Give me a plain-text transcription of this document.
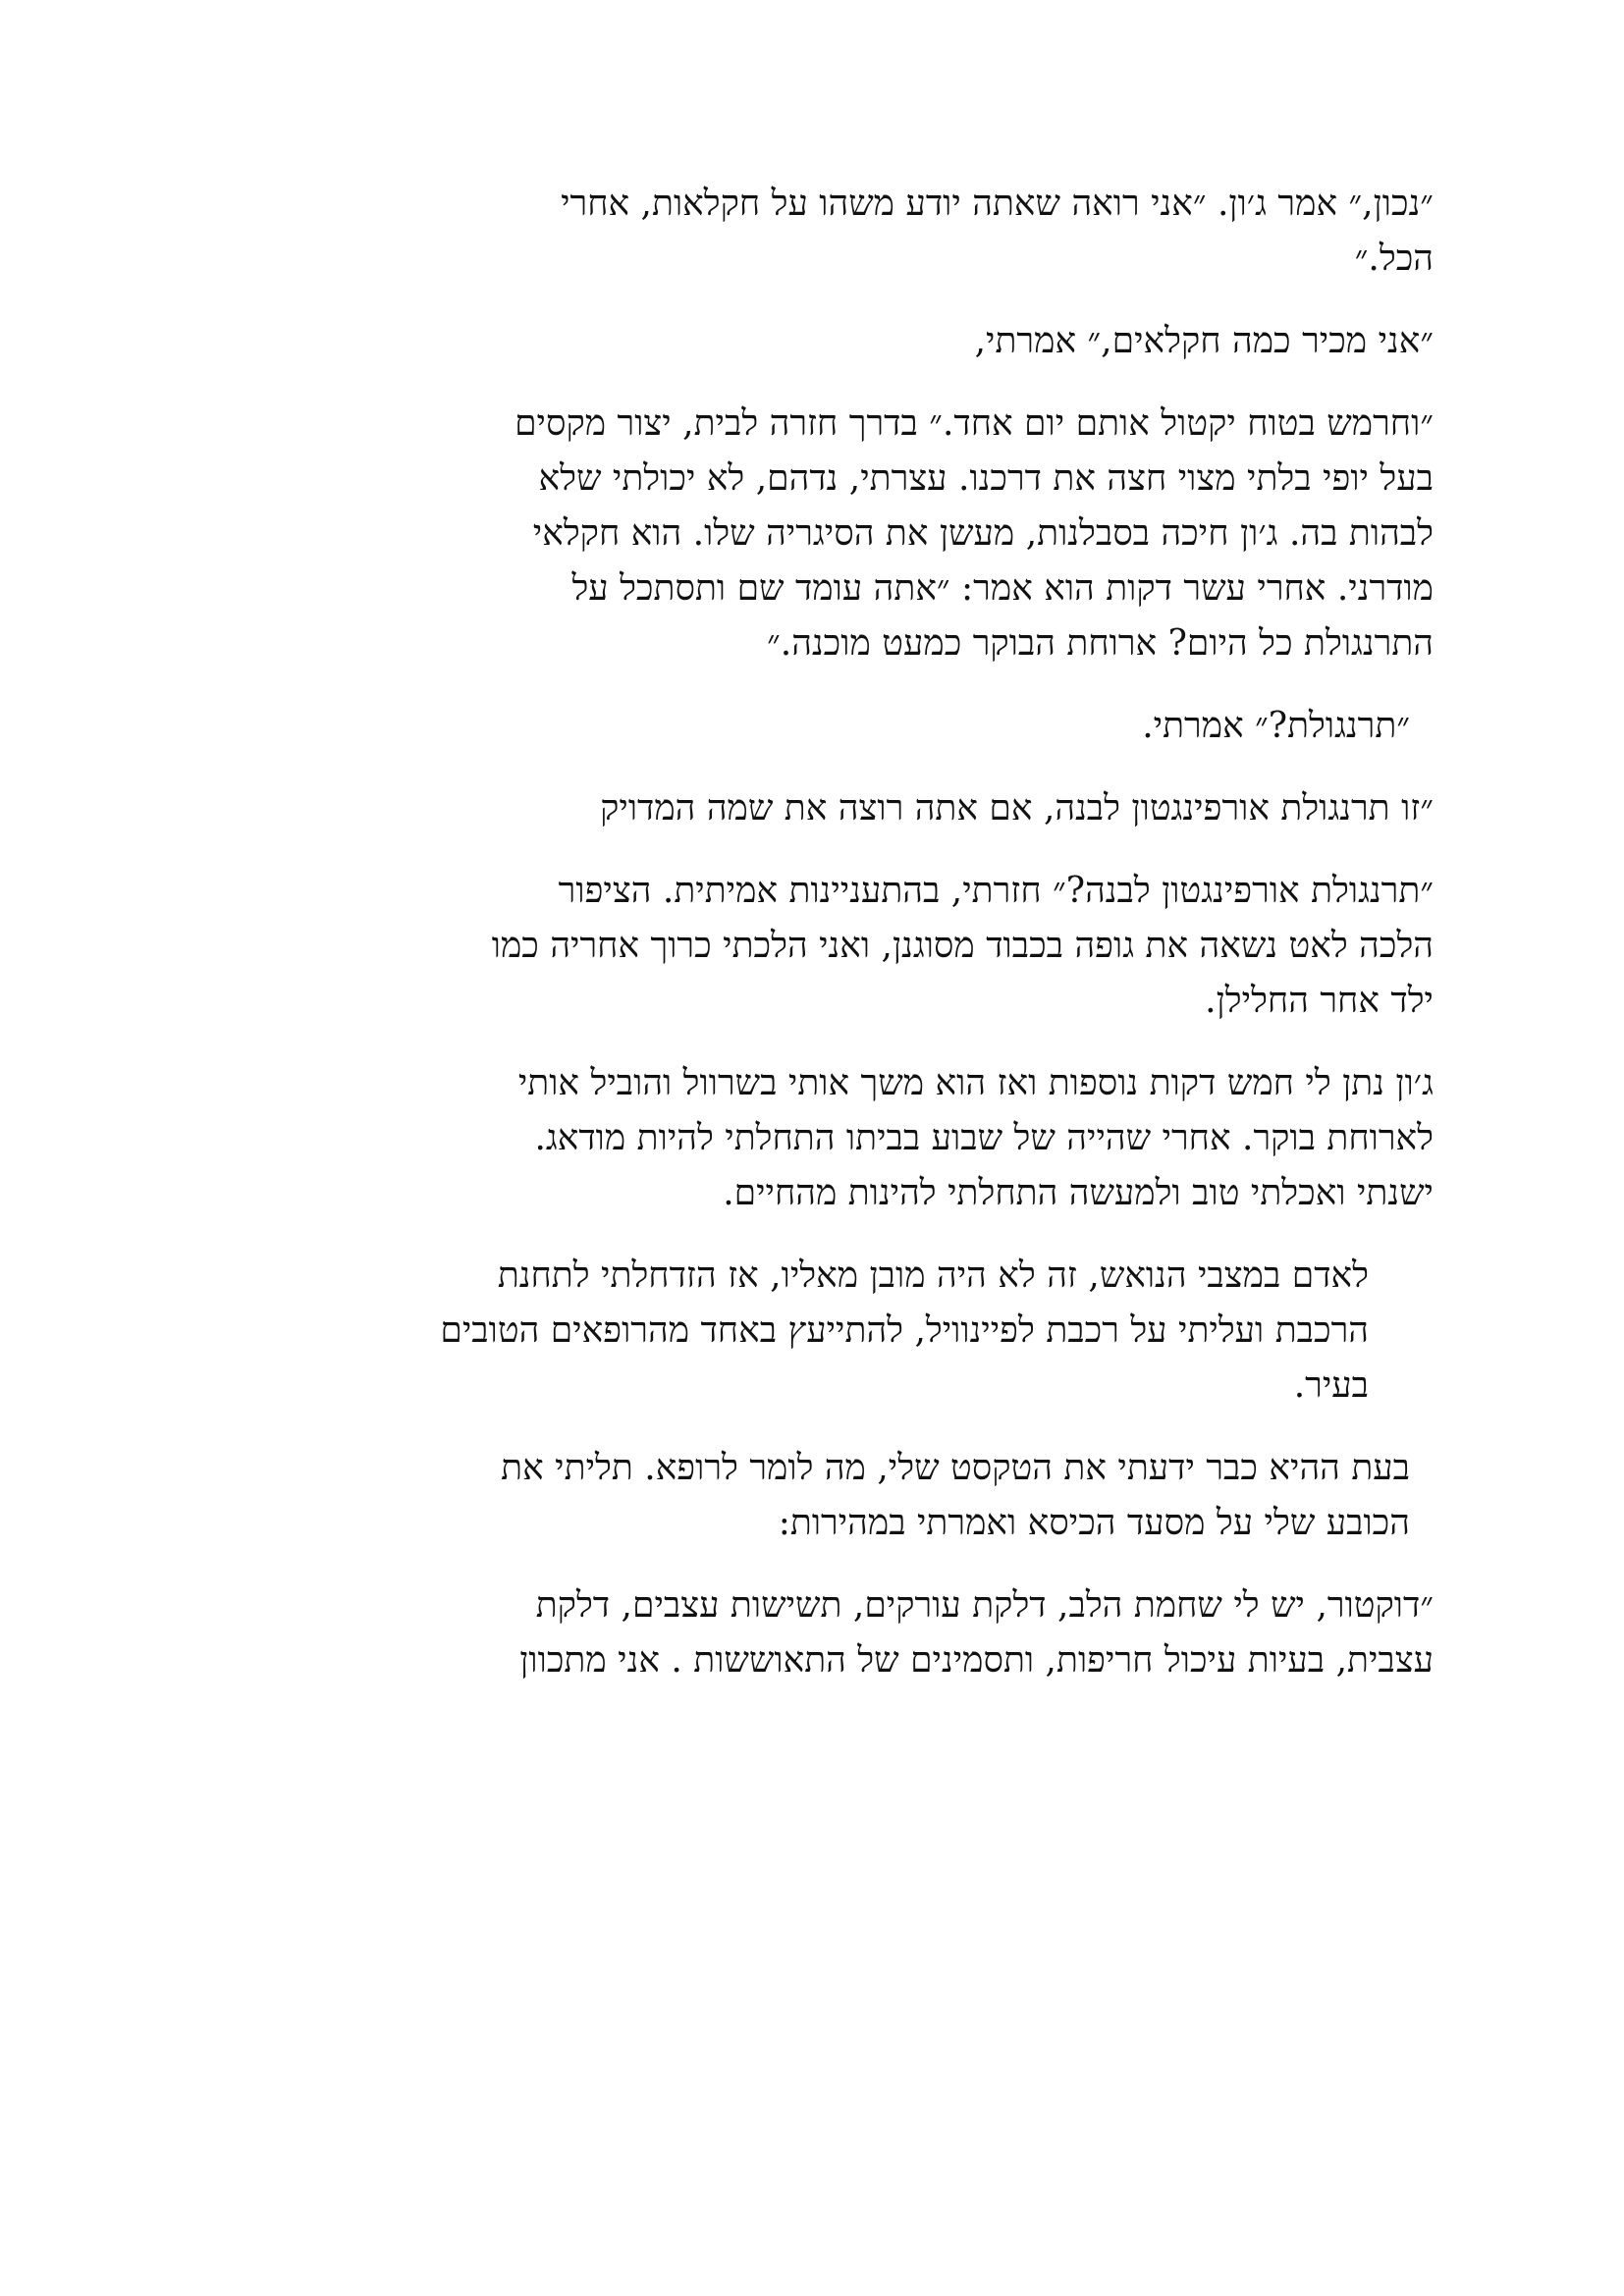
״נכון,״ אמר ג׳ון. ״אני רואה שאתה יודע משהו על חקלאות, אחרי
הכל.״

״אני מכיר כמה חקלאים,״ אמרתי,

״וחרמש בטוח יקטול אותם יום אחד.״ בדרך חזרה לבית, יצור מקסים
בעל יופי בלתי מצוי חצה את דרכנו. עצרתי, נדהם, לא יכולתי שלא
לבהות בה. ג׳ון חיכה בסבלנות, מעשן את הסיגריה שלו. הוא חקלאי
מודרני. אחרי עשר דקות הוא אמר: ״אתה עומד שם ותסתכל על
התרנגולת כל היום? ארוחת הבוקר כמעט מוכנה.״

״תרנגולת?״ אמרתי.

״זו תרנגולת אורפינגטון לבנה, אם אתה רוצה את שמה המדויק

״תרנגולת אורפינגטון לבנה?״ חזרתי, בהתעניינות אמיתית. הציפור
הלכה לאט נשאה את גופה בכבוד מסוגנן, ואני הלכתי כרוך אחריה כמו
ילד אחר החלילן.

ג׳ון נתן לי חמש דקות נוספות ואז הוא משך אותי בשרוול והוביל אותי
לארוחת בוקר. אחרי שהייה של שבוע בביתו התחלתי להיות מודאג.
ישנתי ואכלתי טוב ולמעשה התחלתי להינות מהחיים.

לאדם במצבי הנואש, זה לא היה מובן מאליו, אז הזדחלתי לתחנת
הרכבת ועליתי על רכבת לפיינוויל, להתייעץ באחד מהרופאים הטובים
בעיר.

בעת ההיא כבר ידעתי את הטקסט שלי, מה לומר לרופא. תליתי את
הכובע שלי על מסעד הכיסא ואמרתי במהירות:

״דוקטור, יש לי שחמת הלב, דלקת עורקים, תשישות עצבים, דלקת
עצבית, בעיות עיכול חריפות, ותסמינים של התאוששות . אני מתכוון
